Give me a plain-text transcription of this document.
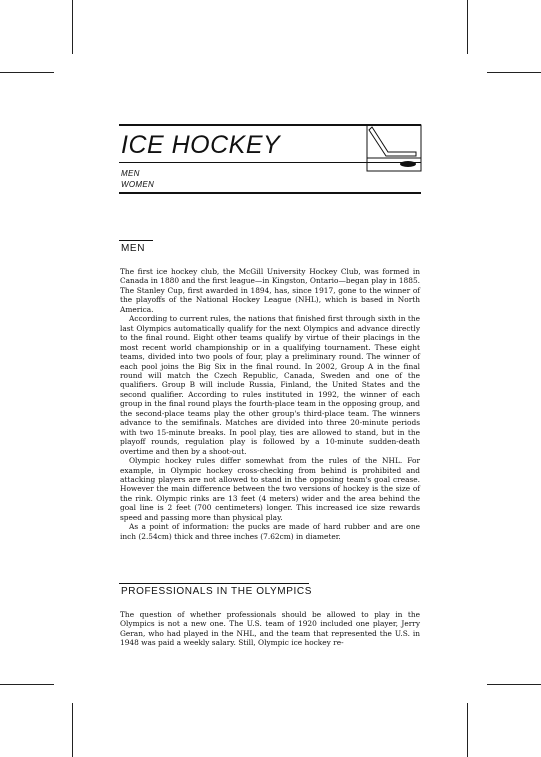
ICE HOCKEY
MEN
WOMEN
MEN

The first ice hockey club, the McGill University Hockey Club, was formed in Canada in 1880 and the first league—in Kingston, Ontario—began play in 1885. The Stanley Cup, first awarded in 1894, has, since 1917, gone to the winner of the playoffs of the National Hockey League (NHL), which is based in North America.

According to current rules, the nations that finished first through sixth in the last Olympics automatically qualify for the next Olympics and advance directly to the final round. Eight other teams qualify by virtue of their placings in the most recent world championship or in a qualifying tournament. These eight teams, divided into two pools of four, play a preliminary round. The winner of each pool joins the Big Six in the final round. In 2002, Group A in the final round will match the Czech Republic, Canada, Sweden and one of the qualifiers. Group B will include Russia, Finland, the United States and the second qualifier. According to rules instituted in 1992, the winner of each group in the final round plays the fourth-place team in the opposing group, and the second-place teams play the other group's third-place team. The winners advance to the semifinals. Matches are divided into three 20-minute periods with two 15-minute breaks. In pool play, ties are allowed to stand, but in the playoff rounds, regulation play is followed by a 10-minute sudden-death overtime and then by a shoot-out.

Olympic hockey rules differ somewhat from the rules of the NHL. For example, in Olympic hockey cross-checking from behind is prohibited and attacking players are not allowed to stand in the opposing team's goal crease. However the main difference between the two versions of hockey is the size of the rink. Olympic rinks are 13 feet (4 meters) wider and the area behind the goal line is 2 feet (700 centimeters) longer. This increased ice size rewards speed and passing more than physical play.

As a point of information: the pucks are made of hard rubber and are one inch (2.54cm) thick and three inches (7.62cm) in diameter.

PROFESSIONALS IN THE OLYMPICS

The question of whether professionals should be allowed to play in the Olympics is not a new one. The U.S. team of 1920 included one player, Jerry Geran, who had played in the NHL, and the team that represented the U.S. in 1948 was paid a weekly salary. Still, Olympic ice hockey re-
